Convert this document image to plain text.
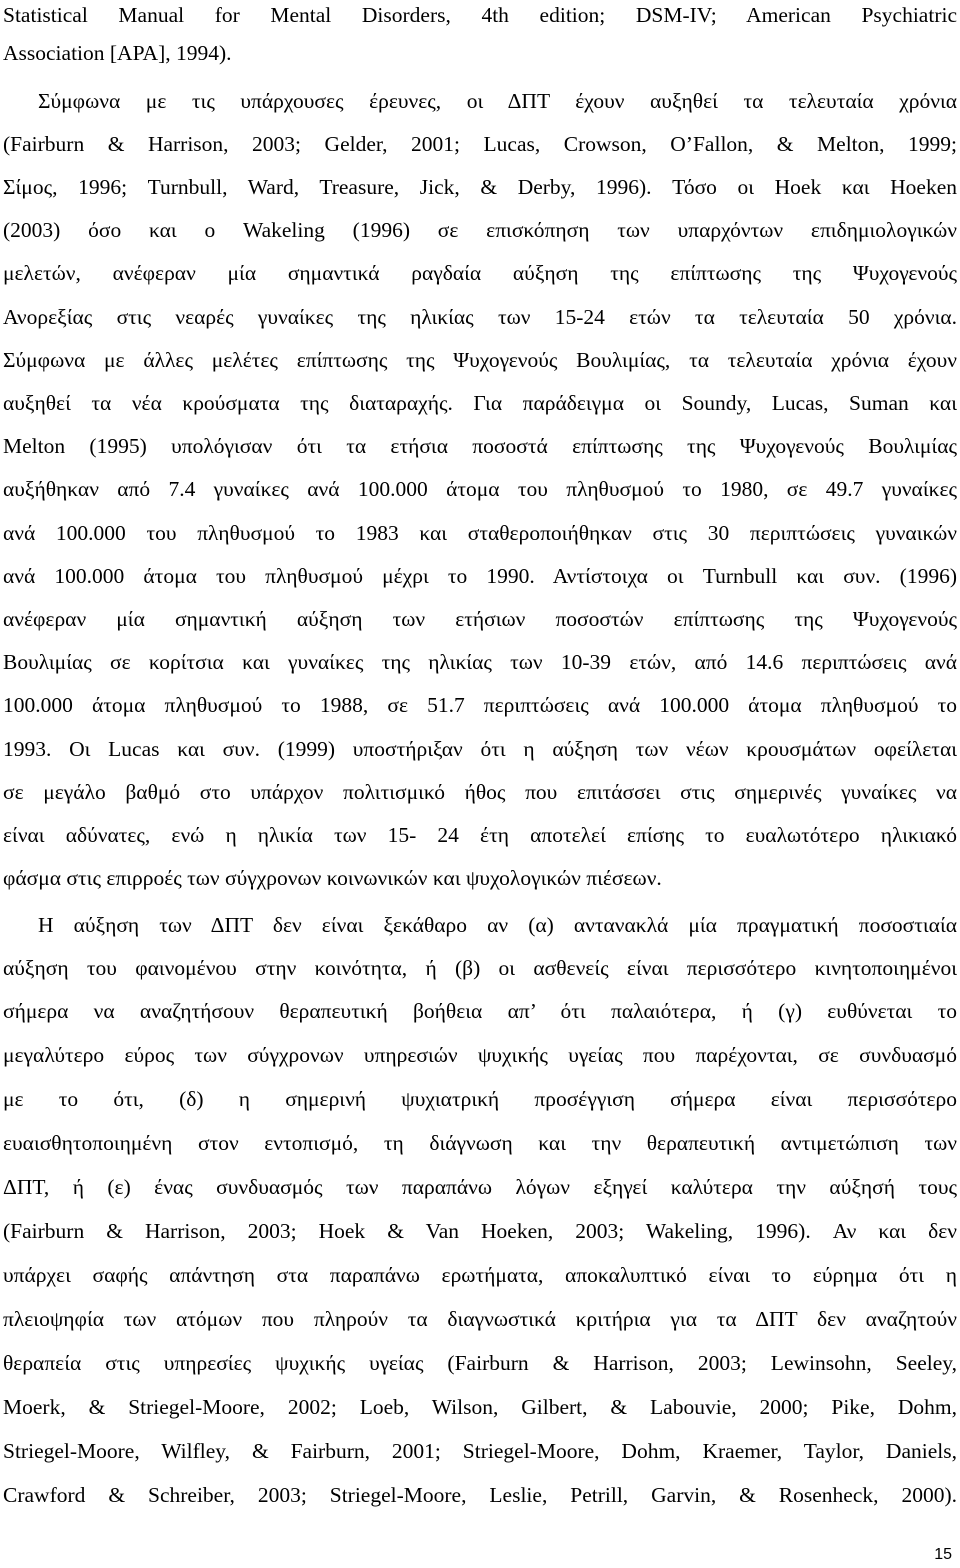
Statistical Manual for Mental Disorders, 4th edition; DSM-IV; American Psychiatric
Association [APA], 1994).
Σύμφωνα με τις υπάρχουσες έρευνες, οι ΔΠΤ έχουν αυξηθεί τα τελευταία χρόνια
(Fairburn & Harrison, 2003; Gelder, 2001; Lucas, Crowson, O’Fallon, & Melton, 1999;
Σίμος, 1996; Turnbull, Ward, Treasure, Jick, & Derby, 1996). Τόσο οι Hoek και Hoeken
(2003) όσο και ο Wakeling (1996) σε επισκόπηση των υπαρχόντων επιδημιολογικών
μελετών, ανέφεραν μία σημαντικά ραγδαία αύξηση της επίπτωσης της Ψυχογενούς
Ανορεξίας στις νεαρές γυναίκες της ηλικίας των 15-24 ετών τα τελευταία 50 χρόνια.
Σύμφωνα με άλλες μελέτες επίπτωσης της Ψυχογενούς Βουλιμίας, τα τελευταία χρόνια έχουν
αυξηθεί τα νέα κρούσματα της διαταραχής. Για παράδειγμα οι Soundy, Lucas, Suman και
Melton (1995) υπολόγισαν ότι τα ετήσια ποσοστά επίπτωσης της Ψυχογενούς Βουλιμίας
αυξήθηκαν από 7.4 γυναίκες ανά 100.000 άτομα του πληθυσμού το 1980, σε 49.7 γυναίκες
ανά 100.000 του πληθυσμού το 1983 και σταθεροποιήθηκαν στις 30 περιπτώσεις γυναικών
ανά 100.000 άτομα του πληθυσμού μέχρι το 1990. Αντίστοιχα οι Turnbull και συν. (1996)
ανέφεραν μία σημαντική αύξηση των ετήσιων ποσοστών επίπτωσης της Ψυχογενούς
Βουλιμίας σε κορίτσια και γυναίκες της ηλικίας των 10-39 ετών, από 14.6 περιπτώσεις ανά
100.000 άτομα πληθυσμού το 1988, σε 51.7 περιπτώσεις ανά 100.000 άτομα πληθυσμού το
1993. Οι Lucas και συν. (1999) υποστήριξαν ότι η αύξηση των νέων κρουσμάτων οφείλεται
σε μεγάλο βαθμό στο υπάρχον πολιτισμικό ήθος που επιτάσσει στις σημερινές γυναίκες να
είναι αδύνατες, ενώ η ηλικία των 15- 24 έτη αποτελεί επίσης το ευαλωτότερο ηλικιακό
φάσμα στις επιρροές των σύγχρονων κοινωνικών και ψυχολογικών πιέσεων.
Η αύξηση των ΔΠΤ δεν είναι ξεκάθαρο αν (α) αντανακλά μία πραγματική ποσοστιαία
αύξηση του φαινομένου στην κοινότητα, ή (β) οι ασθενείς είναι περισσότερο κινητοποιημένοι
σήμερα να αναζητήσουν θεραπευτική βοήθεια απ’ ότι παλαιότερα, ή (γ) ευθύνεται το
μεγαλύτερο εύρος των σύγχρονων υπηρεσιών ψυχικής υγείας που παρέχονται, σε συνδυασμό
με το ότι, (δ) η σημερινή ψυχιατρική προσέγγιση σήμερα είναι περισσότερο
ευαισθητοποιημένη στον εντοπισμό, τη διάγνωση και την θεραπευτική αντιμετώπιση των
ΔΠΤ, ή (ε) ένας συνδυασμός των παραπάνω λόγων εξηγεί καλύτερα την αύξησή τους
(Fairburn & Harrison, 2003; Hoek & Van Hoeken, 2003; Wakeling, 1996). Αν και δεν
υπάρχει σαφής απάντηση στα παραπάνω ερωτήματα, αποκαλυπτικό είναι το εύρημα ότι η
πλειοψηφία των ατόμων που πληρούν τα διαγνωστικά κριτήρια για τα ΔΠΤ δεν αναζητούν
θεραπεία στις υπηρεσίες ψυχικής υγείας (Fairburn & Harrison, 2003; Lewinsohn, Seeley,
Moerk, & Striegel-Moore, 2002; Loeb, Wilson, Gilbert, & Labouvie, 2000; Pike, Dohm,
Striegel-Moore, Wilfley, & Fairburn, 2001; Striegel-Moore, Dohm, Kraemer, Taylor, Daniels,
Crawford & Schreiber, 2003; Striegel-Moore, Leslie, Petrill, Garvin, & Rosenheck, 2000).
15
